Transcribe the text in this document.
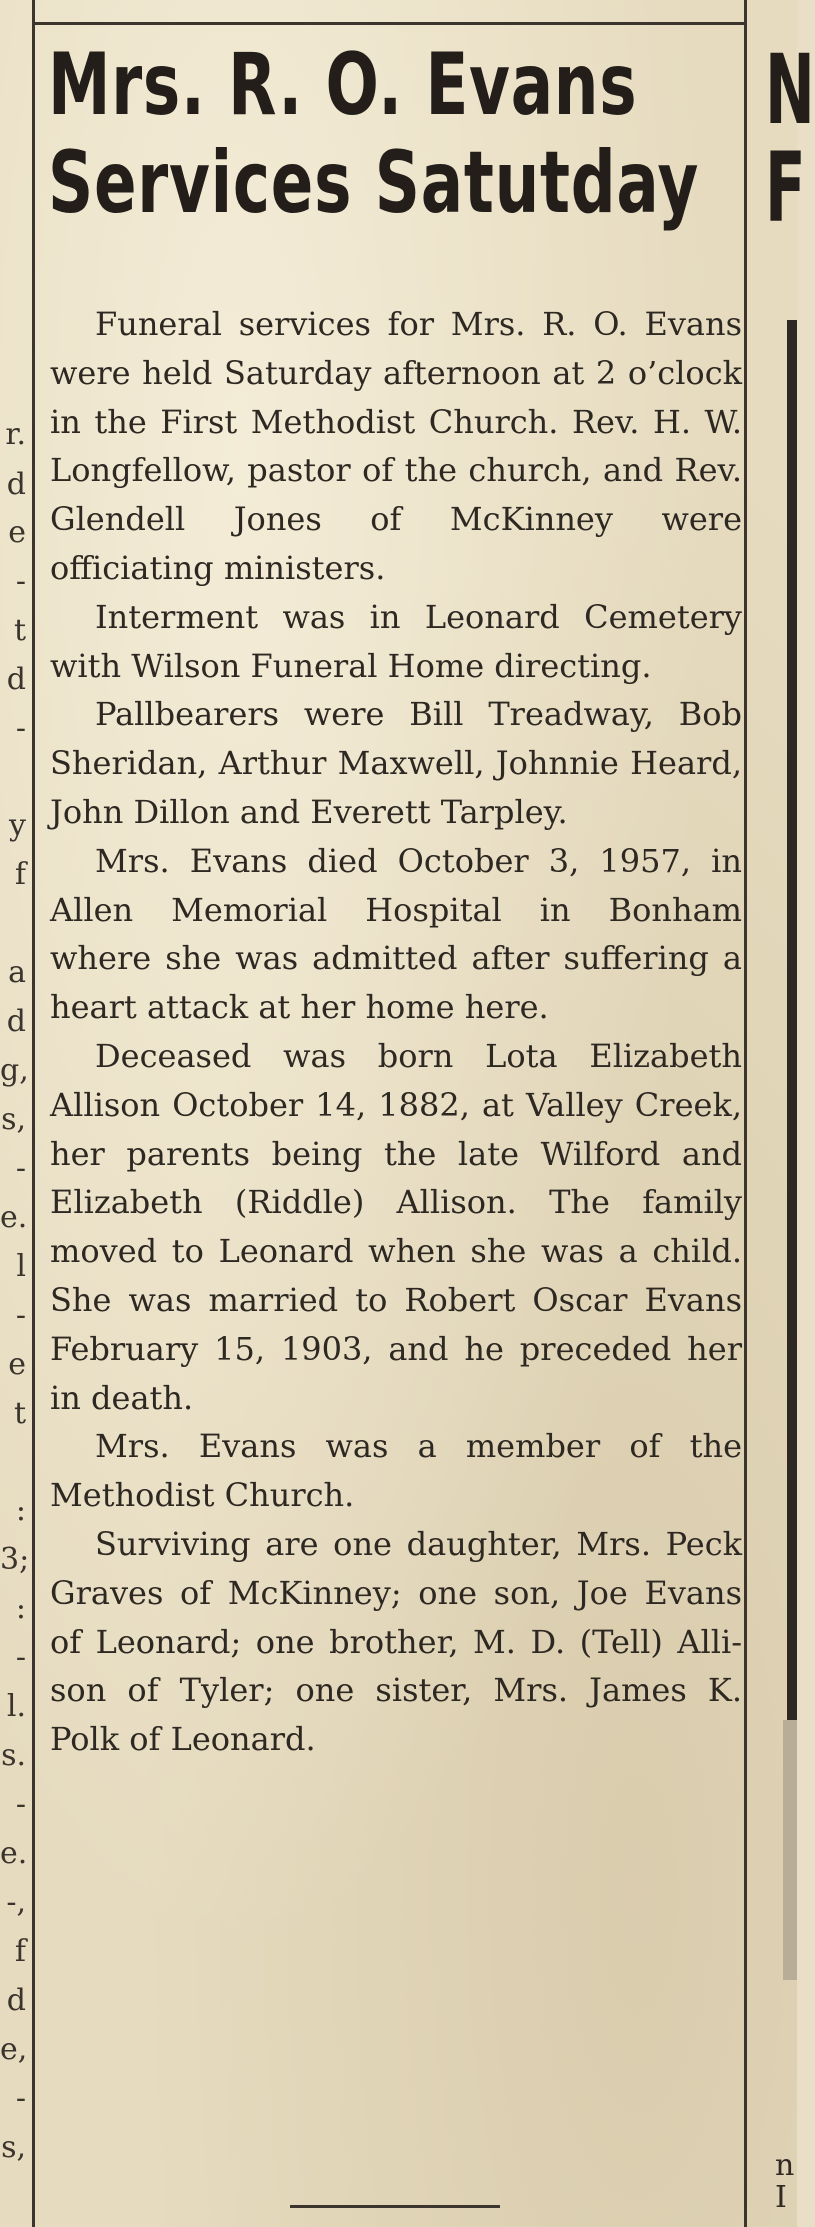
r.
d
e
-
t
d
-
y
f
a
d
g,
s,
-
e.
l
-
e
t
:
3;
:
-
l.
s.
-
e.
-,
f
d
e,
-
s,
Mrs. R. O. Evans
Services Satutday

Funeral services for Mrs. R. O. Evans were held Saturday afternoon at 2 o’clock in the First Methodist Church. Rev. H. W. Longfellow, pastor of the church, and Rev. Glendell Jones of McKinney were officiating ministers.

Interment was in Leonard Cemetery with Wilson Funeral Home directing.

Pallbearers were Bill Treadway, Bob Sheridan, Arthur Maxwell, Johnnie Heard, John Dillon and Everett Tarpley.

Mrs. Evans died October 3, 1957, in Allen Memorial Hospital in Bonham where she was admitted after suffering a heart attack at her home here.

Deceased was born Lota Elizabeth Allison October 14, 1882, at Valley Creek, her parents being the late Wilford and Elizabeth (Riddle) Allison. The family moved to Leonard when she was a child. She was married to Robert Oscar Evans February 15, 1903, and he preceded her in death.

Mrs. Evans was a member of the Methodist Church.

Surviving are one daughter, Mrs. Peck Graves of McKinney; one son, Joe Evans of Leonard; one brother, M. D. (Tell) Allison of Tyler; one sister, Mrs. James K. Polk of Leonard.

N
F
n
I
